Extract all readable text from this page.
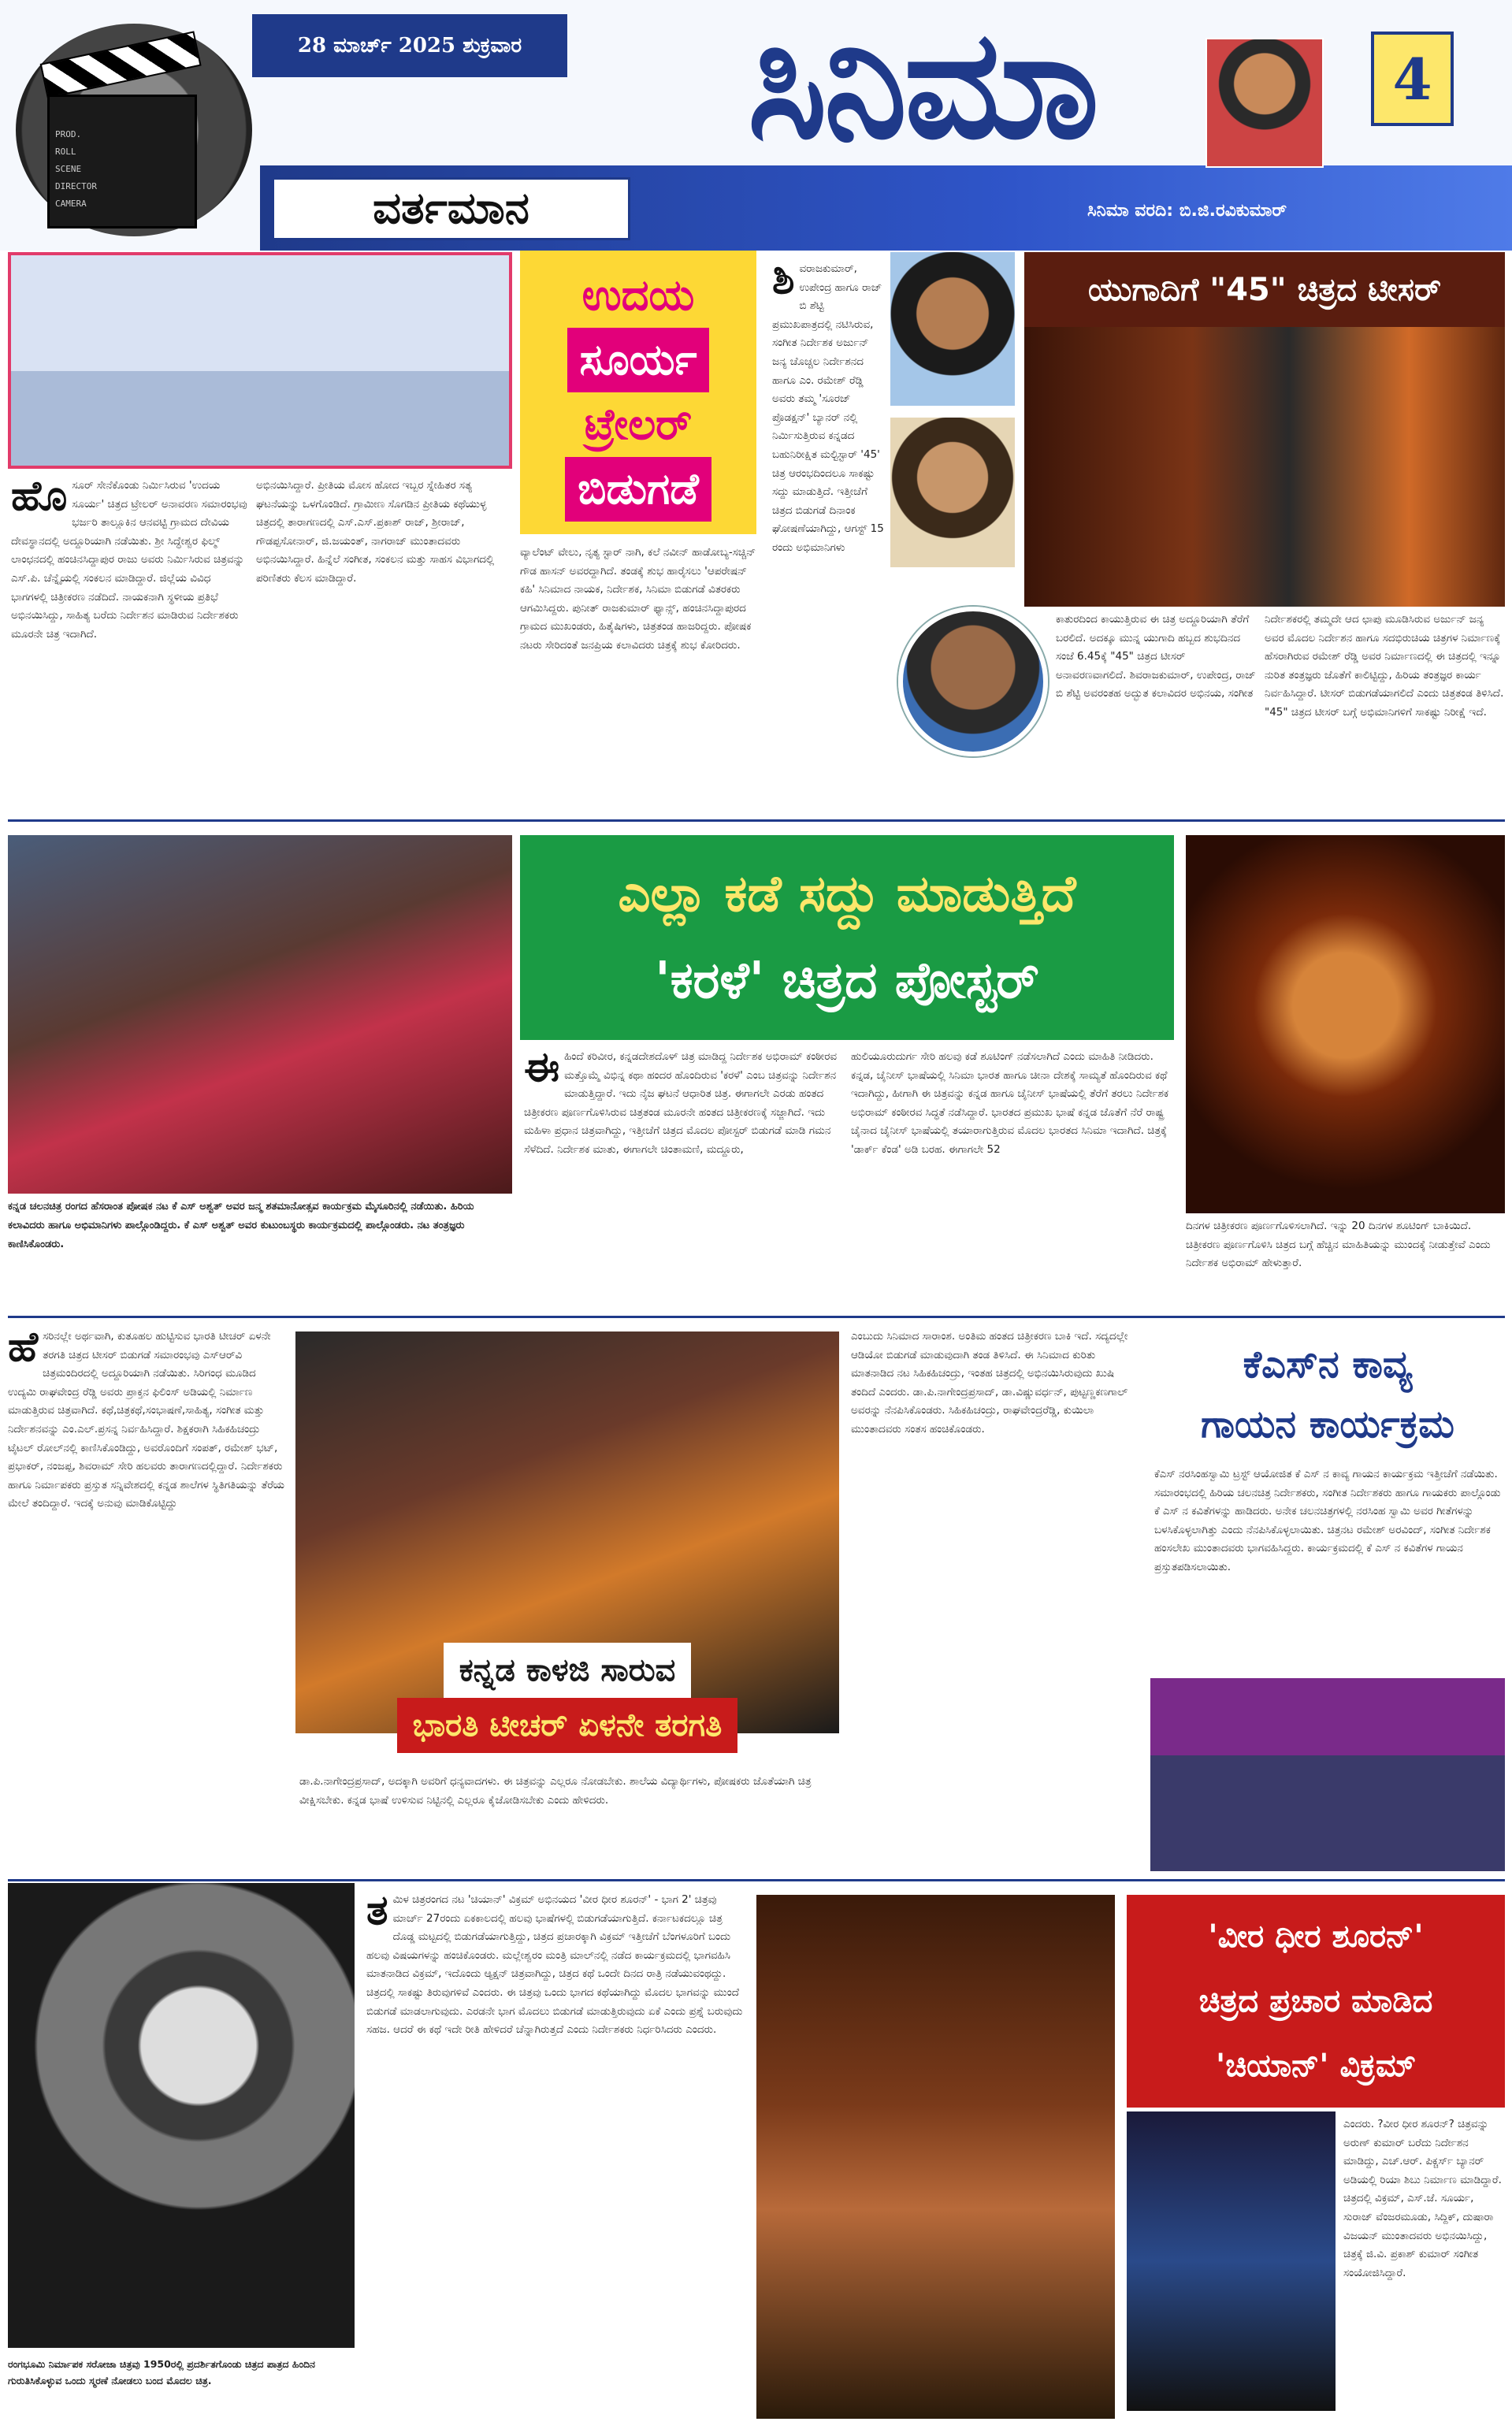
PROD.
ROLL
SCENE
DIRECTOR
CAMERA
28 ಮಾರ್ಚ್ 2025 ಶುಕ್ರವಾರ	ಸಿನಿಮಾ
ವರ್ತಮಾನ
4
ಸಿನಿಮಾ ವರದಿ: ಬಿ.ಜಿ.ರವಿಕುಮಾರ್
ಉದಯ
ಸೂರ್ಯ
ಟ್ರೇಲರ್
ಬಿಡುಗಡೆ
ಹೊಸೂರ್ ಸೇನೆಕೊಂಡು ನಿರ್ಮಿಸಿರುವ 'ಉದಯ ಸೂರ್ಯ' ಚಿತ್ರದ ಟ್ರೇಲರ್ ಅನಾವರಣ ಸಮಾರಂಭವು ಭರ್ಜರಿ ತಾಲ್ಲೂಕಿನ ಆನವಟ್ಟಿ ಗ್ರಾಮದ ದೇವಿಯ ದೇವಸ್ಥಾನದಲ್ಲಿ ಅದ್ದೂರಿಯಾಗಿ ನಡೆಯಿತು. ಶ್ರೀ ಸಿದ್ಧೇಶ್ವರ ಫಿಲ್ಮ್ ಲಾಂಛನದಲ್ಲಿ ಹಂಚಿನಸಿದ್ದಾಪುರ ರಾಜು ಅವರು ನಿರ್ಮಿಸಿರುವ ಚಿತ್ರವನ್ನು ಎಸ್.ಪಿ. ಚೆನ್ನೈಯಲ್ಲಿ ಸಂಕಲನ ಮಾಡಿದ್ದಾರೆ. ಜಿಲ್ಲೆಯ ವಿವಿಧ ಭಾಗಗಳಲ್ಲಿ ಚಿತ್ರೀಕರಣ ನಡೆದಿದೆ. ನಾಯಕನಾಗಿ ಸ್ಥಳೀಯ ಪ್ರತಿಭೆ ಅಭಿನಯಿಸಿದ್ದು, ಸಾಹಿತ್ಯ ಬರೆದು ನಿರ್ದೇಶನ ಮಾಡಿರುವ ನಿರ್ದೇಶಕರು ಮೂರನೇ ಚಿತ್ರ ಇದಾಗಿದೆ.
ಅಭಿನಯಿಸಿದ್ದಾರೆ. ಪ್ರೀತಿಯ ಮೋಸ ಹೋದ ಇಬ್ಬರ ಸ್ನೇಹಿತರ ಸತ್ಯ ಘಟನೆಯನ್ನು ಒಳಗೊಂಡಿದೆ. ಗ್ರಾಮೀಣ ಸೊಗಡಿನ ಪ್ರೀತಿಯ ಕಥೆಯುಳ್ಳ ಚಿತ್ರದಲ್ಲಿ ತಾರಾಗಣದಲ್ಲಿ ಎಸ್.ಎಸ್.ಪ್ರಕಾಶ್ ರಾಜ್, ಶ್ರೀರಾಜ್, ಗೌಡಪ್ಪಸೋನಾರ್, ಜಿ.ಜಯಂತ್, ನಾಗರಾಜ್ ಮುಂತಾದವರು ಅಭಿನಯಿಸಿದ್ದಾರೆ. ಹಿನ್ನೆಲೆ ಸಂಗೀತ, ಸಂಕಲನ ಮತ್ತು ಸಾಹಸ ವಿಭಾಗದಲ್ಲಿ ಪರಿಣಿತರು ಕೆಲಸ ಮಾಡಿದ್ದಾರೆ.
ವ್ಯಾಲೆಂಟ್ ವೇಲು, ನೃತ್ಯ ಸ್ಟಾರ್ ನಾಗಿ, ಕಲೆ ನವೀನ್ ಹಾಡೋಬ್ಯ-ಸಚ್ಚಿನ್ ಗೌಡ ಹಾಸನ್ ಅವರದ್ದಾಗಿದೆ. ತಂಡಕ್ಕೆ ಶುಭ ಹಾರೈಸಲು 'ಆಪರೇಷನ್ ಕಹಿ' ಸಿನಿಮಾದ ನಾಯಕ, ನಿರ್ದೇಶಕ, ಸಿನಿಮಾ ಬಿಡುಗಡೆ ವಿತರಕರು ಆಗಮಿಸಿದ್ದರು. ಪುನೀತ್ ರಾಜಕುಮಾರ್ ಫ್ಯಾನ್ಸ್, ಹಂಚಿನಸಿದ್ದಾಪುರದ ಗ್ರಾಮದ ಮುಖಂಡರು, ಹಿತೈಷಿಗಳು, ಚಿತ್ರತಂಡ ಹಾಜರಿದ್ದರು. ಪೋಷಕ ನಟರು ಸೇರಿದಂತೆ ಜನಪ್ರಿಯ ಕಲಾವಿದರು ಚಿತ್ರಕ್ಕೆ ಶುಭ ಕೋರಿದರು.
ಯುಗಾದಿಗೆ "45" ಚಿತ್ರದ ಟೀಸರ್
ಶಿವರಾಜಕುಮಾರ್, ಉಪೇಂದ್ರ ಹಾಗೂ ರಾಜ್ ಬಿ ಶೆಟ್ಟಿ ಪ್ರಮುಖಪಾತ್ರದಲ್ಲಿ ನಟಿಸಿರುವ, ಸಂಗೀತ ನಿರ್ದೇಶಕ ಅರ್ಜುನ್ ಜನ್ಯ ಚೊಚ್ಚಲ ನಿರ್ದೇಶನದ ಹಾಗೂ ಎಂ. ರಮೇಶ್ ರೆಡ್ಡಿ ಅವರು ತಮ್ಮ 'ಸೂರಜ್ ಪ್ರೊಡಕ್ಷನ್' ಬ್ಯಾನರ್ ನಲ್ಲಿ ನಿರ್ಮಿಸುತ್ತಿರುವ ಕನ್ನಡದ ಬಹುನಿರೀಕ್ಷಿತ ಮಲ್ಟಿಸ್ಟಾರ್ '45' ಚಿತ್ರ ಆರಂಭದಿಂದಲೂ ಸಾಕಷ್ಟು ಸದ್ದು ಮಾಡುತ್ತಿದೆ. ಇತ್ತೀಚೆಗೆ ಚಿತ್ರದ ಬಿಡುಗಡೆ ದಿನಾಂಕ ಘೋಷಣೆಯಾಗಿದ್ದು, ಆಗಸ್ಟ್ 15 ರಂದು ಅಭಿಮಾನಿಗಳು
ಕಾತುರದಿಂದ ಕಾಯುತ್ತಿರುವ ಈ ಚಿತ್ರ ಅದ್ದೂರಿಯಾಗಿ ತೆರೆಗೆ ಬರಲಿದೆ. ಅದಕ್ಕೂ ಮುನ್ನ ಯುಗಾದಿ ಹಬ್ಬದ ಶುಭದಿನದ ಸಂಜೆ 6.45ಕ್ಕೆ "45" ಚಿತ್ರದ ಟೀಸರ್ ಅನಾವರಣವಾಗಲಿದೆ. ಶಿವರಾಜಕುಮಾರ್, ಉಪೇಂದ್ರ, ರಾಜ್ ಬಿ ಶೆಟ್ಟಿ ಅವರಂತಹ ಅದ್ಭುತ ಕಲಾವಿದರ ಅಭಿನಯ, ಸಂಗೀತ
ನಿರ್ದೇಶಕರಲ್ಲಿ ತಮ್ಮದೇ ಆದ ಛಾಪು ಮೂಡಿಸಿರುವ ಅರ್ಜುನ್ ಜನ್ಯ ಅವರ ಮೊದಲ ನಿರ್ದೇಶನ ಹಾಗೂ ಸದಭಿರುಚಿಯ ಚಿತ್ರಗಳ ನಿರ್ಮಾಣಕ್ಕೆ ಹೆಸರಾಗಿರುವ ರಮೇಶ್ ರೆಡ್ಡಿ ಅವರ ನಿರ್ಮಾಣದಲ್ಲಿ ಈ ಚಿತ್ರದಲ್ಲಿ ಇನ್ನೂ ನುರಿತ ತಂತ್ರಜ್ಞರು ಜೊತೆಗೆ ಕಾಲಿಟ್ಟಿದ್ದು, ಹಿರಿಯ ತಂತ್ರಜ್ಞರ ಕಾರ್ಯ ನಿರ್ವಹಿಸಿದ್ದಾರೆ. ಟೀಸರ್ ಬಿಡುಗಡೆಯಾಗಲಿದೆ ಎಂದು ಚಿತ್ರತಂಡ ತಿಳಿಸಿದೆ. "45" ಚಿತ್ರದ ಟೀಸರ್ ಬಗ್ಗೆ ಅಭಿಮಾನಿಗಳಿಗೆ ಸಾಕಷ್ಟು ನಿರೀಕ್ಷೆ ಇದೆ.
ಕನ್ನಡ ಚಲನಚಿತ್ರ ರಂಗದ ಹೆಸರಾಂತ ಪೋಷಕ ನಟ ಕೆ ಎಸ್ ಅಶ್ವತ್ ಅವರ ಜನ್ಮ ಶತಮಾನೋತ್ಸವ ಕಾರ್ಯಕ್ರಮ ಮೈಸೂರಿನಲ್ಲಿ ನಡೆಯಿತು. ಹಿರಿಯ ಕಲಾವಿದರು ಹಾಗೂ ಅಭಿಮಾನಿಗಳು ಪಾಲ್ಗೊಂಡಿದ್ದರು. ಕೆ ಎಸ್ ಅಶ್ವತ್ ಅವರ ಕುಟುಂಬಸ್ಥರು ಕಾರ್ಯಕ್ರಮದಲ್ಲಿ ಪಾಲ್ಗೊಂಡರು. ನಟ ತಂತ್ರಜ್ಞರು ಕಾಣಿಸಿಕೊಂಡರು.
ಎಲ್ಲಾ ಕಡೆ ಸದ್ದು ಮಾಡುತ್ತಿದೆ
'ಕರಳೆ' ಚಿತ್ರದ ಪೋಸ್ಟರ್
ಈಹಿಂದೆ ಕರಿವೀರ, ಕನ್ನಡದೇಶದೊಳ್ ಚಿತ್ರ ಮಾಡಿದ್ದ ನಿರ್ದೇಶಕ ಅಭಿರಾಮ್ ಕಂಠೀರವ ಮತ್ತೊಮ್ಮೆ ವಿಭಿನ್ನ ಕಥಾ ಹಂದರ ಹೊಂದಿರುವ 'ಕರಳೆ' ಎಂಬ ಚಿತ್ರವನ್ನು ನಿರ್ದೇಶನ ಮಾಡುತ್ತಿದ್ದಾರೆ. ಇದು ನೈಜ ಘಟನೆ ಆಧಾರಿತ ಚಿತ್ರ. ಈಗಾಗಲೇ ಎರಡು ಹಂತದ ಚಿತ್ರೀಕರಣ ಪೂರ್ಣಗೊಳಿಸಿರುವ ಚಿತ್ರತಂಡ ಮೂರನೇ ಹಂತದ ಚಿತ್ರೀಕರಣಕ್ಕೆ ಸಜ್ಜಾಗಿದೆ. ಇದು ಮಹಿಳಾ ಪ್ರಧಾನ ಚಿತ್ರವಾಗಿದ್ದು, ಇತ್ತೀಚೆಗೆ ಚಿತ್ರದ ಮೊದಲ ಪೋಸ್ಟರ್ ಬಿಡುಗಡೆ ಮಾಡಿ ಗಮನ ಸೆಳೆದಿದೆ. ನಿರ್ದೇಶಕ ಮಾತು, ಈಗಾಗಲೇ ಚಿಂತಾಮಣಿ, ಮದ್ದೂರು,
ಹುಲಿಯೂರುದುರ್ಗ ಸೇರಿ ಹಲವು ಕಡೆ ಶೂಟಿಂಗ್ ನಡೆಸಲಾಗಿದೆ ಎಂದು ಮಾಹಿತಿ ನೀಡಿದರು. ಕನ್ನಡ, ಚೈನೀಸ್ ಭಾಷೆಯಲ್ಲಿ ಸಿನಿಮಾ ಭಾರತ ಹಾಗೂ ಚೀನಾ ದೇಶಕ್ಕೆ ಸಾಮ್ಯತೆ ಹೊಂದಿರುವ ಕಥೆ ಇದಾಗಿದ್ದು, ಹೀಗಾಗಿ ಈ ಚಿತ್ರವನ್ನು ಕನ್ನಡ ಹಾಗೂ ಚೈನೀಸ್ ಭಾಷೆಯಲ್ಲಿ ತೆರೆಗೆ ತರಲು ನಿರ್ದೇಶಕ ಅಭಿರಾಮ್ ಕಂಠೀರವ ಸಿದ್ಧತೆ ನಡೆಸಿದ್ದಾರೆ. ಭಾರತದ ಪ್ರಮುಖ ಭಾಷೆ ಕನ್ನಡ ಜೊತೆಗೆ ನೆರೆ ರಾಷ್ಟ್ರ ಚೈನಾದ ಚೈನೀಸ್ ಭಾಷೆಯಲ್ಲಿ ತಯಾರಾಗುತ್ತಿರುವ ಮೊದಲ ಭಾರತದ ಸಿನಿಮಾ ಇದಾಗಿದೆ. ಚಿತ್ರಕ್ಕೆ 'ಡಾರ್ಕ್ ಕೆಂಡ' ಅಡಿ ಬರಹ. ಈಗಾಗಲೇ 52
ದಿನಗಳ ಚಿತ್ರೀಕರಣ ಪೂರ್ಣಗೊಳಿಸಲಾಗಿದೆ. ಇನ್ನು 20 ದಿನಗಳ ಶೂಟಿಂಗ್ ಬಾಕಿಯಿದೆ. ಚಿತ್ರೀಕರಣ ಪೂರ್ಣಗೊಳಿಸಿ ಚಿತ್ರದ ಬಗ್ಗೆ ಹೆಚ್ಚಿನ ಮಾಹಿತಿಯನ್ನು ಮುಂದಕ್ಕೆ ನೀಡುತ್ತೇವೆ ಎಂದು ನಿರ್ದೇಶಕ ಅಭಿರಾಮ್ ಹೇಳುತ್ತಾರೆ.
ಹೆಸರಿನಲ್ಲೇ ಅರ್ಥವಾಗಿ, ಕುತೂಹಲ ಹುಟ್ಟಿಸುವ ಭಾರತಿ ಟೀಚರ್ ಏಳನೇ ತರಗತಿ ಚಿತ್ರದ ಟೀಸರ್ ಬಿಡುಗಡೆ ಸಮಾರಂಭವು ಎಸ್ಆರ್‌ವಿ ಚಿತ್ರಮಂದಿರದಲ್ಲಿ ಅದ್ದೂರಿಯಾಗಿ ನಡೆಯಿತು. ಸಿರಿಗಂಧ ಮೂಡಿದ ಉದ್ಯಮಿ ರಾಘವೇಂದ್ರ ರೆಡ್ಡಿ ಅವರು ಪ್ರಾಕ್ತನ ಫಿಲಿಂಸ್ ಅಡಿಯಲ್ಲಿ ನಿರ್ಮಾಣ ಮಾಡುತ್ತಿರುವ ಚಿತ್ರವಾಗಿದೆ. ಕಥೆ,ಚಿತ್ರಕಥೆ,ಸಂಭಾಷಣೆ,ಸಾಹಿತ್ಯ, ಸಂಗೀತ ಮತ್ತು ನಿರ್ದೇಶನವನ್ನು ಎಂ.ಎಲ್.ಪ್ರಸನ್ನ ನಿರ್ವಹಿಸಿದ್ದಾರೆ. ಶಿಕ್ಷಕರಾಗಿ ಸಿಹಿಕಹಿಚಂದ್ರು ಟೈಟಲ್ ರೋಲ್‌ನಲ್ಲಿ ಕಾಣಿಸಿಕೊಂಡಿದ್ದು, ಅವರೊಂದಿಗೆ ಸಂಪತ್, ರಮೇಶ್ ಭಟ್, ಪ್ರಭಾಕರ್, ನಂಜಪ್ಪ, ಶಿವರಾಮ್ ಸೇರಿ ಹಲವರು ತಾರಾಗಣದಲ್ಲಿದ್ದಾರೆ. ನಿರ್ದೇಶಕರು ಹಾಗೂ ನಿರ್ಮಾಪಕರು ಪ್ರಸ್ತುತ ಸನ್ನಿವೇಶದಲ್ಲಿ ಕನ್ನಡ ಶಾಲೆಗಳ ಸ್ಥಿತಿಗತಿಯನ್ನು ತೆರೆಯ ಮೇಲೆ ತಂದಿದ್ದಾರೆ. ಇದಕ್ಕೆ ಅನುವು ಮಾಡಿಕೊಟ್ಟಿದ್ದು
ಕನ್ನಡ ಕಾಳಜಿ ಸಾರುವ
ಭಾರತಿ ಟೀಚರ್ ಏಳನೇ ತರಗತಿ
ಡಾ.ಪಿ.ನಾಗೇಂದ್ರಪ್ರಸಾದ್, ಅದಕ್ಕಾಗಿ ಅವರಿಗೆ ಧನ್ಯವಾದಗಳು. ಈ ಚಿತ್ರವನ್ನು ಎಲ್ಲರೂ ನೋಡಬೇಕು. ಶಾಲೆಯ ವಿದ್ಯಾರ್ಥಿಗಳು, ಪೋಷಕರು ಜೊತೆಯಾಗಿ ಚಿತ್ರ ವೀಕ್ಷಿಸಬೇಕು. ಕನ್ನಡ ಭಾಷೆ ಉಳಿಸುವ ನಿಟ್ಟಿನಲ್ಲಿ ಎಲ್ಲರೂ ಕೈಜೋಡಿಸಬೇಕು ಎಂದು ಹೇಳಿದರು.
ಎಂಬುದು ಸಿನಿಮಾದ ಸಾರಾಂಶ. ಅಂತಿಮ ಹಂತದ ಚಿತ್ರೀಕರಣ ಬಾಕಿ ಇದೆ. ಸದ್ಯದಲ್ಲೇ ಆಡಿಯೋ ಬಿಡುಗಡೆ ಮಾಡುವುದಾಗಿ ತಂಡ ತಿಳಿಸಿದೆ. ಈ ಸಿನಿಮಾದ ಕುರಿತು ಮಾತನಾಡಿದ ನಟ ಸಿಹಿಕಹಿಚಂದ್ರು, ಇಂತಹ ಚಿತ್ರದಲ್ಲಿ ಅಭಿನಯಿಸಿರುವುದು ಖುಷಿ ತಂದಿದೆ ಎಂದರು. ಡಾ.ಪಿ.ನಾಗೇಂದ್ರಪ್ರಸಾದ್, ಡಾ.ವಿಷ್ಣುವರ್ಧನ್, ಪುಟ್ಟಣ್ಣಕಣಗಾಲ್ ಅವರನ್ನು ನೆನಪಿಸಿಕೊಂಡರು. ಸಿಹಿಕಹಿಚಂದ್ರು, ರಾಘವೇಂದ್ರರೆಡ್ಡಿ, ಕುಯಿಲಾ ಮುಂತಾದವರು ಸಂತಸ ಹಂಚಿಕೊಂಡರು.
ಕೆಎಸ್‌ನ ಕಾವ್ಯ
ಗಾಯನ ಕಾರ್ಯಕ್ರಮ
ಕೆಎಸ್ ನರಸಿಂಹಸ್ವಾಮಿ ಟ್ರಸ್ಟ್ ಆಯೋಜಿತ ಕೆ ಎಸ್ ನ ಕಾವ್ಯ ಗಾಯನ ಕಾರ್ಯಕ್ರಮ ಇತ್ತೀಚೆಗೆ ನಡೆಯಿತು. ಸಮಾರಂಭದಲ್ಲಿ ಹಿರಿಯ ಚಲನಚಿತ್ರ ನಿರ್ದೇಶಕರು, ಸಂಗೀತ ನಿರ್ದೇಶಕರು ಹಾಗೂ ಗಾಯಕರು ಪಾಲ್ಗೊಂಡು ಕೆ ಎಸ್ ನ ಕವಿತೆಗಳನ್ನು ಹಾಡಿದರು. ಅನೇಕ ಚಲನಚಿತ್ರಗಳಲ್ಲಿ ನರಸಿಂಹ ಸ್ವಾಮಿ ಅವರ ಗೀತೆಗಳನ್ನು ಬಳಸಿಕೊಳ್ಳಲಾಗಿತ್ತು ಎಂದು ನೆನಪಿಸಿಕೊಳ್ಳಲಾಯಿತು. ಚಿತ್ರನಟ ರಮೇಶ್ ಅರವಿಂದ್, ಸಂಗೀತ ನಿರ್ದೇಶಕ ಹಂಸಲೇಖ ಮುಂತಾದವರು ಭಾಗವಹಿಸಿದ್ದರು. ಕಾರ್ಯಕ್ರಮದಲ್ಲಿ ಕೆ ಎಸ್ ನ ಕವಿತೆಗಳ ಗಾಯನ ಪ್ರಸ್ತುತಪಡಿಸಲಾಯಿತು.
ರಂಗಭೂಮಿ ನಿರ್ಮಾಪಕ ಸರೋಜಾ ಚಿತ್ರವು 1950ರಲ್ಲಿ ಪ್ರದರ್ಶಿತಗೊಂಡು ಚಿತ್ರದ ಪಾತ್ರದ ಹಿಂದಿನ ಗುರುತಿಸಿಕೊಳ್ಳುವ ಒಂದು ಸ್ಮರಣೆ ನೋಡಲು ಬಂದ ಮೊದಲ ಚಿತ್ರ.
ತಮಿಳ ಚಿತ್ರರಂಗದ ನಟ 'ಚಿಯಾನ್' ವಿಕ್ರಮ್ ಅಭಿನಯದ 'ವೀರ ಧೀರ ಶೂರನ್' - ಭಾಗ 2' ಚಿತ್ರವು ಮಾರ್ಚ್ 27ರಂದು ಏಕಕಾಲದಲ್ಲಿ ಹಲವು ಭಾಷೆಗಳಲ್ಲಿ ಬಿಡುಗಡೆಯಾಗುತ್ತಿದೆ. ಕರ್ನಾಟಕದಲ್ಲೂ ಚಿತ್ರ ದೊಡ್ಡ ಮಟ್ಟದಲ್ಲಿ ಬಿಡುಗಡೆಯಾಗುತ್ತಿದ್ದು, ಚಿತ್ರದ ಪ್ರಚಾರಕ್ಕಾಗಿ ವಿಕ್ರಮ್ ಇತ್ತೀಚೆಗೆ ಬೆಂಗಳೂರಿಗೆ ಬಂದು ಹಲವು ವಿಷಯಗಳನ್ನು ಹಂಚಿಕೊಂಡರು. ಮಲ್ಲೇಶ್ವರಂ ಮಂತ್ರಿ ಮಾಲ್‌ನಲ್ಲಿ ನಡೆದ ಕಾರ್ಯಕ್ರಮದಲ್ಲಿ ಭಾಗವಹಿಸಿ ಮಾತನಾಡಿದ ವಿಕ್ರಮ್, ಇದೊಂದು ಆ್ಯಕ್ಷನ್ ಚಿತ್ರವಾಗಿದ್ದು, ಚಿತ್ರದ ಕಥೆ ಒಂದೇ ದಿನದ ರಾತ್ರಿ ನಡೆಯುವಂಥದ್ದು. ಚಿತ್ರದಲ್ಲಿ ಸಾಕಷ್ಟು ತಿರುವುಗಳಿವೆ ಎಂದರು. ಈ ಚಿತ್ರವು ಒಂದು ಭಾಗದ ಕಥೆಯಾಗಿದ್ದು ಮೊದಲ ಭಾಗವನ್ನು ಮುಂದೆ ಬಿಡುಗಡೆ ಮಾಡಲಾಗುವುದು. ಎರಡನೇ ಭಾಗ ಮೊದಲು ಬಿಡುಗಡೆ ಮಾಡುತ್ತಿರುವುದು ಏಕೆ ಎಂದು ಪ್ರಶ್ನೆ ಬರುವುದು ಸಹಜ. ಆದರೆ ಈ ಕಥೆ ಇದೇ ರೀತಿ ಹೇಳಿದರೆ ಚೆನ್ನಾಗಿರುತ್ತದೆ ಎಂದು ನಿರ್ದೇಶಕರು ನಿರ್ಧರಿಸಿದರು ಎಂದರು.
'ವೀರ ಧೀರ ಶೂರನ್'
ಚಿತ್ರದ ಪ್ರಚಾರ ಮಾಡಿದ
'ಚಿಯಾನ್' ವಿಕ್ರಮ್
ಎಂದರು. ?ವೀರ ಧೀರ ಶೂರನ್? ಚಿತ್ರವನ್ನು ಅರುಣ್ ಕುಮಾರ್ ಬರೆದು ನಿರ್ದೇಶನ ಮಾಡಿದ್ದು, ಎಚ್.ಆರ್. ಪಿಕ್ಚರ್ಸ್ ಬ್ಯಾನರ್ ಅಡಿಯಲ್ಲಿ ರಿಯಾ ಶಿಬು ನಿರ್ಮಾಣ ಮಾಡಿದ್ದಾರೆ. ಚಿತ್ರದಲ್ಲಿ ವಿಕ್ರಮ್, ಎಸ್.ಜೆ. ಸೂರ್ಯ, ಸುರಾಜ್ ವೆಂಜರಮೂಡು, ಸಿದ್ದಿಕ್, ದುಷಾರಾ ವಿಜಯನ್ ಮುಂತಾದವರು ಅಭಿನಯಿಸಿದ್ದು, ಚಿತ್ರಕ್ಕೆ ಜಿ.ವಿ. ಪ್ರಕಾಶ್ ಕುಮಾರ್ ಸಂಗೀತ ಸಂಯೋಜಿಸಿದ್ದಾರೆ.
